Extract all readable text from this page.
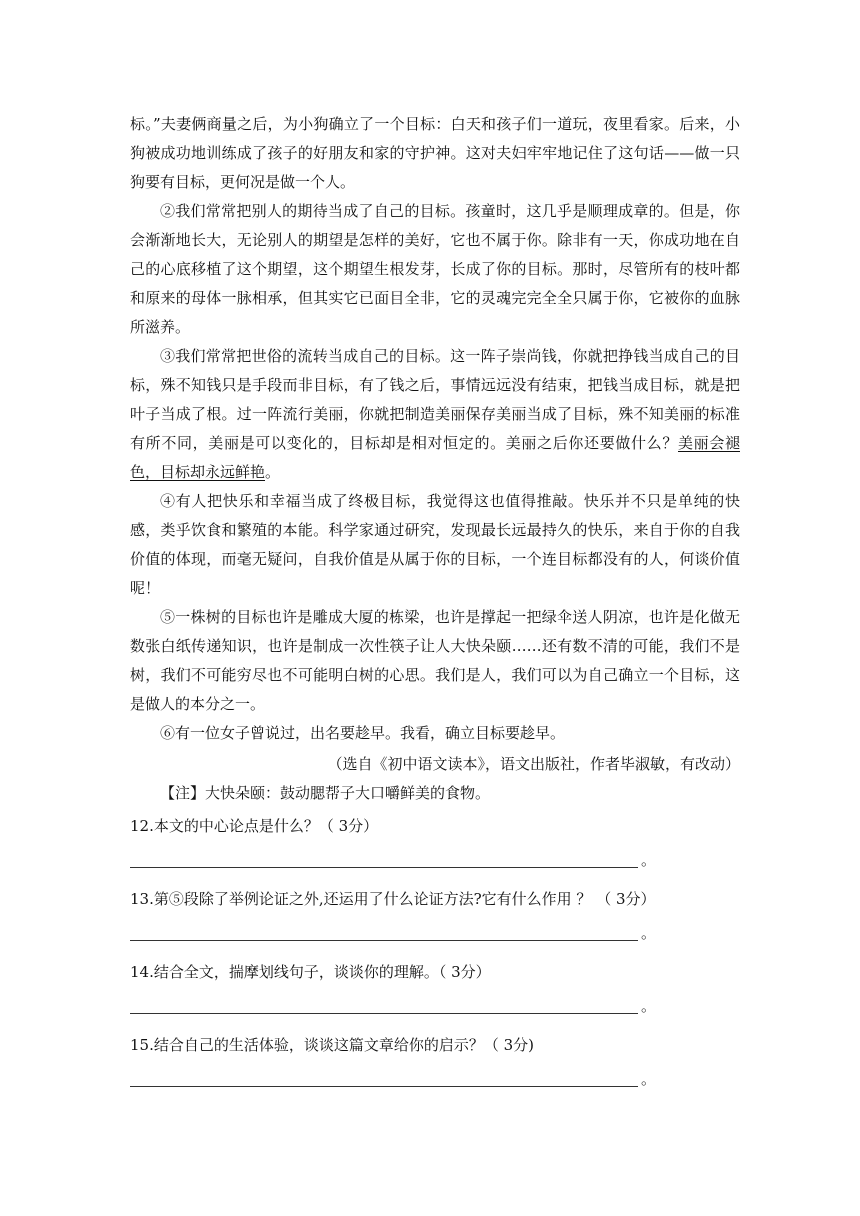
标。”夫妻俩商量之后，为小狗确立了一个目标：白天和孩子们一道玩，夜里看家。后来，小狗被成功地训练成了孩子的好朋友和家的守护神。这对夫妇牢牢地记住了这句话——做一只狗要有目标，更何况是做一个人。

②我们常常把别人的期待当成了自己的目标。孩童时，这几乎是顺理成章的。但是，你会渐渐地长大，无论别人的期望是怎样的美好，它也不属于你。除非有一天，你成功地在自己的心底移植了这个期望，这个期望生根发芽，长成了你的目标。那时，尽管所有的枝叶都和原来的母体一脉相承，但其实它已面目全非，它的灵魂完完全全只属于你，它被你的血脉所滋养。

③我们常常把世俗的流转当成自己的目标。这一阵子崇尚钱，你就把挣钱当成自己的目标，殊不知钱只是手段而非目标，有了钱之后，事情远远没有结束，把钱当成目标，就是把叶子当成了根。过一阵流行美丽，你就把制造美丽保存美丽当成了目标，殊不知美丽的标准有所不同，美丽是可以变化的，目标却是相对恒定的。美丽之后你还要做什么？美丽会褪色，目标却永远鲜艳。

④有人把快乐和幸福当成了终极目标，我觉得这也值得推敲。快乐并不只是单纯的快感，类乎饮食和繁殖的本能。科学家通过研究，发现最长远最持久的快乐，来自于你的自我价值的体现，而毫无疑问，自我价值是从属于你的目标，一个连目标都没有的人，何谈价值呢！

⑤一株树的目标也许是雕成大厦的栋梁，也许是撑起一把绿伞送人阴凉，也许是化做无数张白纸传递知识，也许是制成一次性筷子让人大快朵颐……还有数不清的可能，我们不是树，我们不可能穷尽也不可能明白树的心思。我们是人，我们可以为自己确立一个目标，这是做人的本分之一。

⑥有一位女子曾说过，出名要趁早。我看，确立目标要趁早。

（选自《初中语文读本》，语文出版社，作者毕淑敏，有改动）

【注】大快朵颐：鼓动腮帮子大口嚼鲜美的食物。

12.本文的中心论点是什么？（ 3分）

。

13.第⑤段除了举例论证之外,还运用了什么论证方法?它有什么作用 ？ （ 3分）

。

14.结合全文，揣摩划线句子，谈谈你的理解。（ 3分）

。

15.结合自己的生活体验，谈谈这篇文章给你的启示？（ 3分)

。
